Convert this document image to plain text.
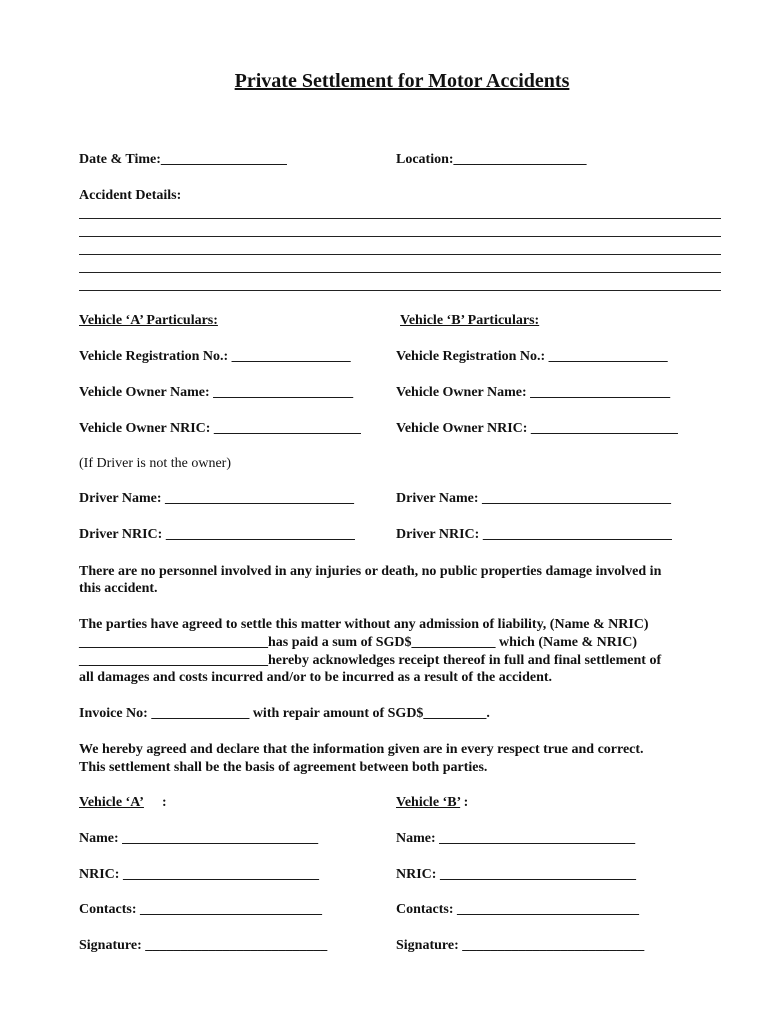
Private Settlement for Motor Accidents
Date & Time:__________________	Location:___________________
Accident Details:
Vehicle ‘A’ Particulars:	Vehicle ‘B’ Particulars:
Vehicle Registration No.: _________________	Vehicle Registration No.: _________________
Vehicle Owner Name: ____________________	Vehicle Owner Name: ____________________
Vehicle Owner NRIC: _____________________	Vehicle Owner NRIC: _____________________
(If Driver is not the owner)
Driver Name: ___________________________	Driver Name: ___________________________
Driver NRIC: ___________________________	Driver NRIC: ___________________________
There are no personnel involved in any injuries or death, no public properties damage involved in
this accident.
The parties have agreed to settle this matter without any admission of liability, (Name & NRIC)
___________________________has paid a sum of SGD$____________ which (Name & NRIC)
___________________________hereby acknowledges receipt thereof in full and final settlement of
all damages and costs incurred and/or to be incurred as a result of the accident.
Invoice No: ______________ with repair amount of SGD$_________.
We hereby agreed and declare that the information given are in every respect true and correct.
This settlement shall be the basis of agreement between both parties.
Vehicle ‘A’ :	Vehicle ‘B’ :
Name: ____________________________	Name: ____________________________
NRIC: ____________________________	NRIC: ____________________________
Contacts: __________________________	Contacts: __________________________
Signature: __________________________	Signature: __________________________
